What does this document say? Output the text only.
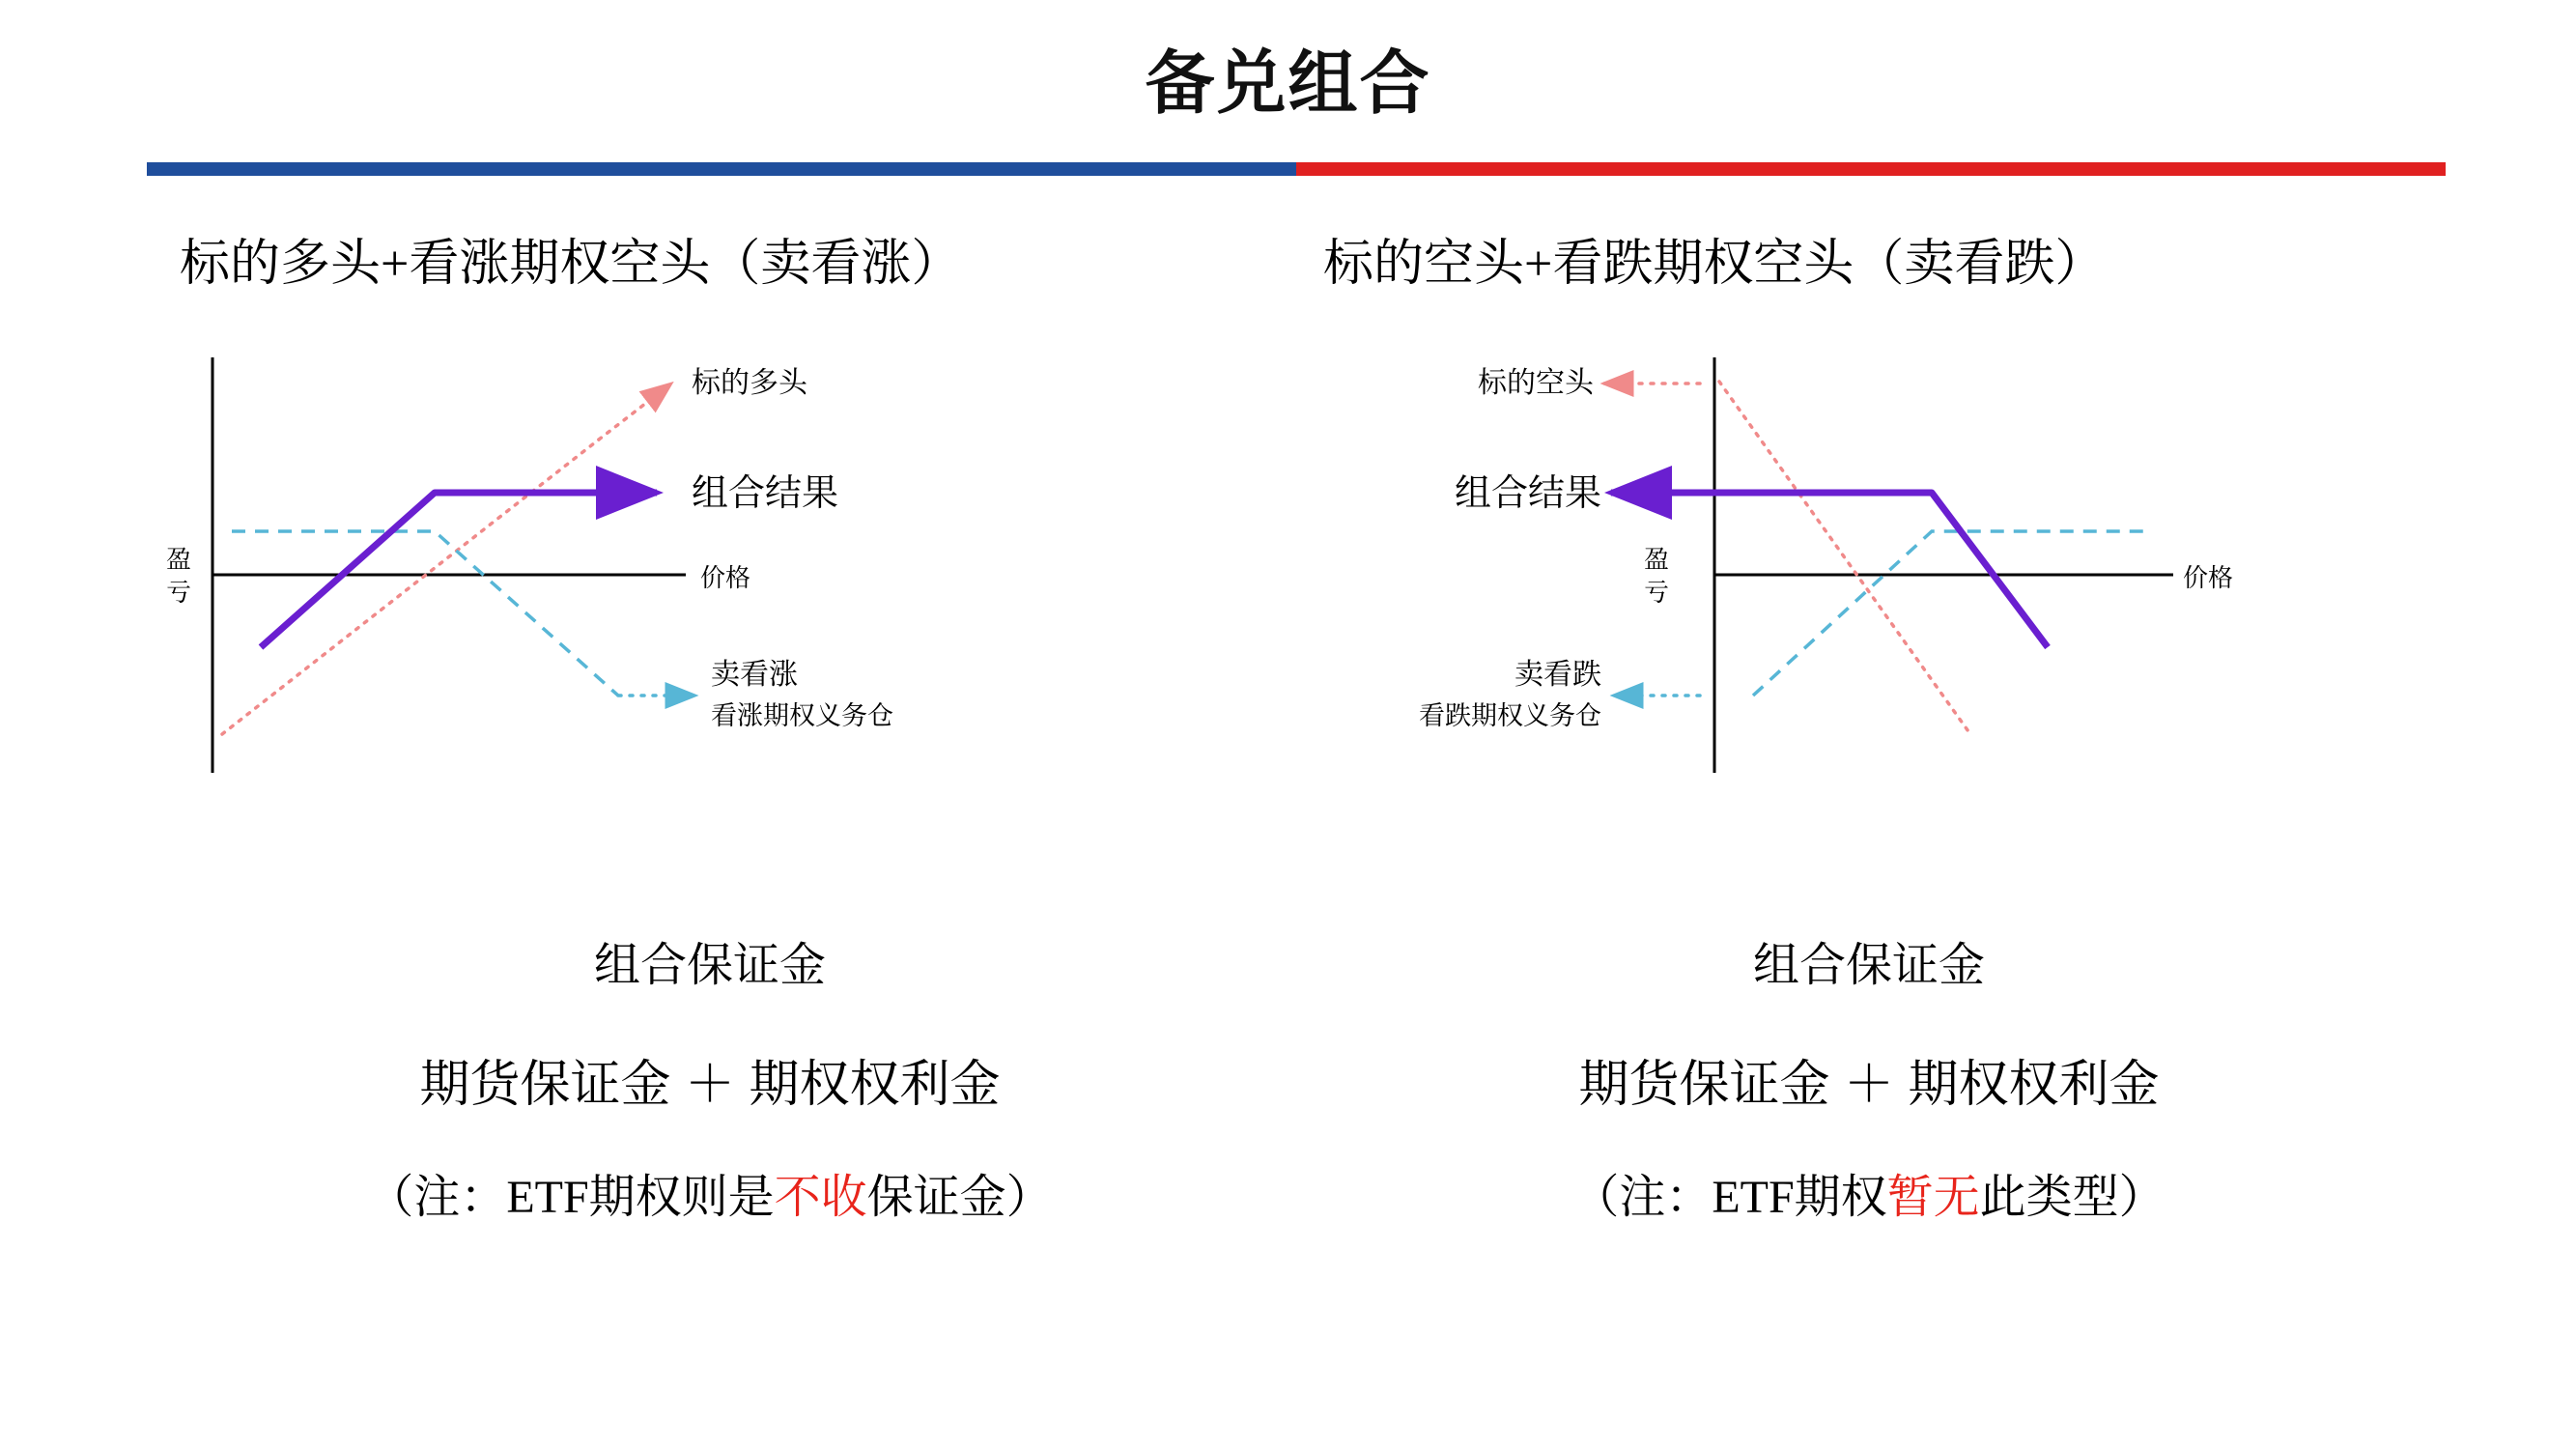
备兑组合
标的多头+看涨期权空头（卖看涨）	标的空头+看跌期权空头（卖看跌）
盈
亏
价格
标的多头
组合结果
卖看涨
看涨期权义务仓
盈
亏
价格
标的空头
组合结果
卖看跌
看跌期权义务仓
组合保证金
期货保证金 ＋ 期权权利金
（注：ETF期权则是不收保证金）
组合保证金
期货保证金 ＋ 期权权利金
（注：ETF期权暂无此类型）
